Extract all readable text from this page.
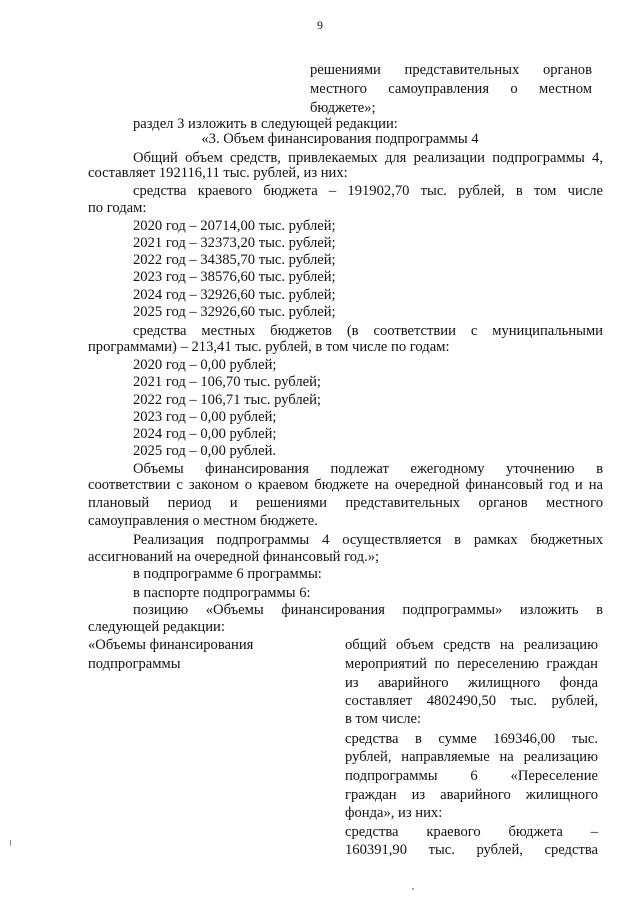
9
решениями представительных органов
местного самоуправления о местном
бюджете»;
раздел 3 изложить в следующей редакции:
«3. Объем финансирования подпрограммы 4
Общий объем средств, привлекаемых для реализации подпрограммы 4,
составляет 192116,11 тыс. рублей, из них:
средства краевого бюджета – 191902,70 тыс. рублей, в том числе
по годам:
2020 год – 20714,00 тыс. рублей;
2021 год – 32373,20 тыс. рублей;
2022 год – 34385,70 тыс. рублей;
2023 год – 38576,60 тыс. рублей;
2024 год – 32926,60 тыс. рублей;
2025 год – 32926,60 тыс. рублей;
средства местных бюджетов (в соответствии с муниципальными
программами) – 213,41 тыс. рублей, в том числе по годам:
2020 год – 0,00 рублей;
2021 год – 106,70 тыс. рублей;
2022 год – 106,71 тыс. рублей;
2023 год – 0,00 рублей;
2024 год – 0,00 рублей;
2025 год – 0,00 рублей.
Объемы финансирования подлежат ежегодному уточнению в
соответствии с законом о краевом бюджете на очередной финансовый год и на
плановый период и решениями представительных органов местного
самоуправления о местном бюджете.
Реализация подпрограммы 4 осуществляется в рамках бюджетных
ассигнований на очередной финансовый год.»;
в подпрограмме 6 программы:
в паспорте подпрограммы 6:
позицию «Объемы финансирования подпрограммы» изложить в
следующей редакции:
«Объемы финансирования
подпрограммы
общий объем средств на реализацию
мероприятий по переселению граждан
из аварийного жилищного фонда
составляет 4802490,50 тыс. рублей,
в том числе:
средства в сумме 169346,00 тыс.
рублей, направляемые на реализацию
подпрограммы 6 «Переселение
граждан из аварийного жилищного
фонда», из них:
средства краевого бюджета –
160391,90 тыс. рублей, средства
